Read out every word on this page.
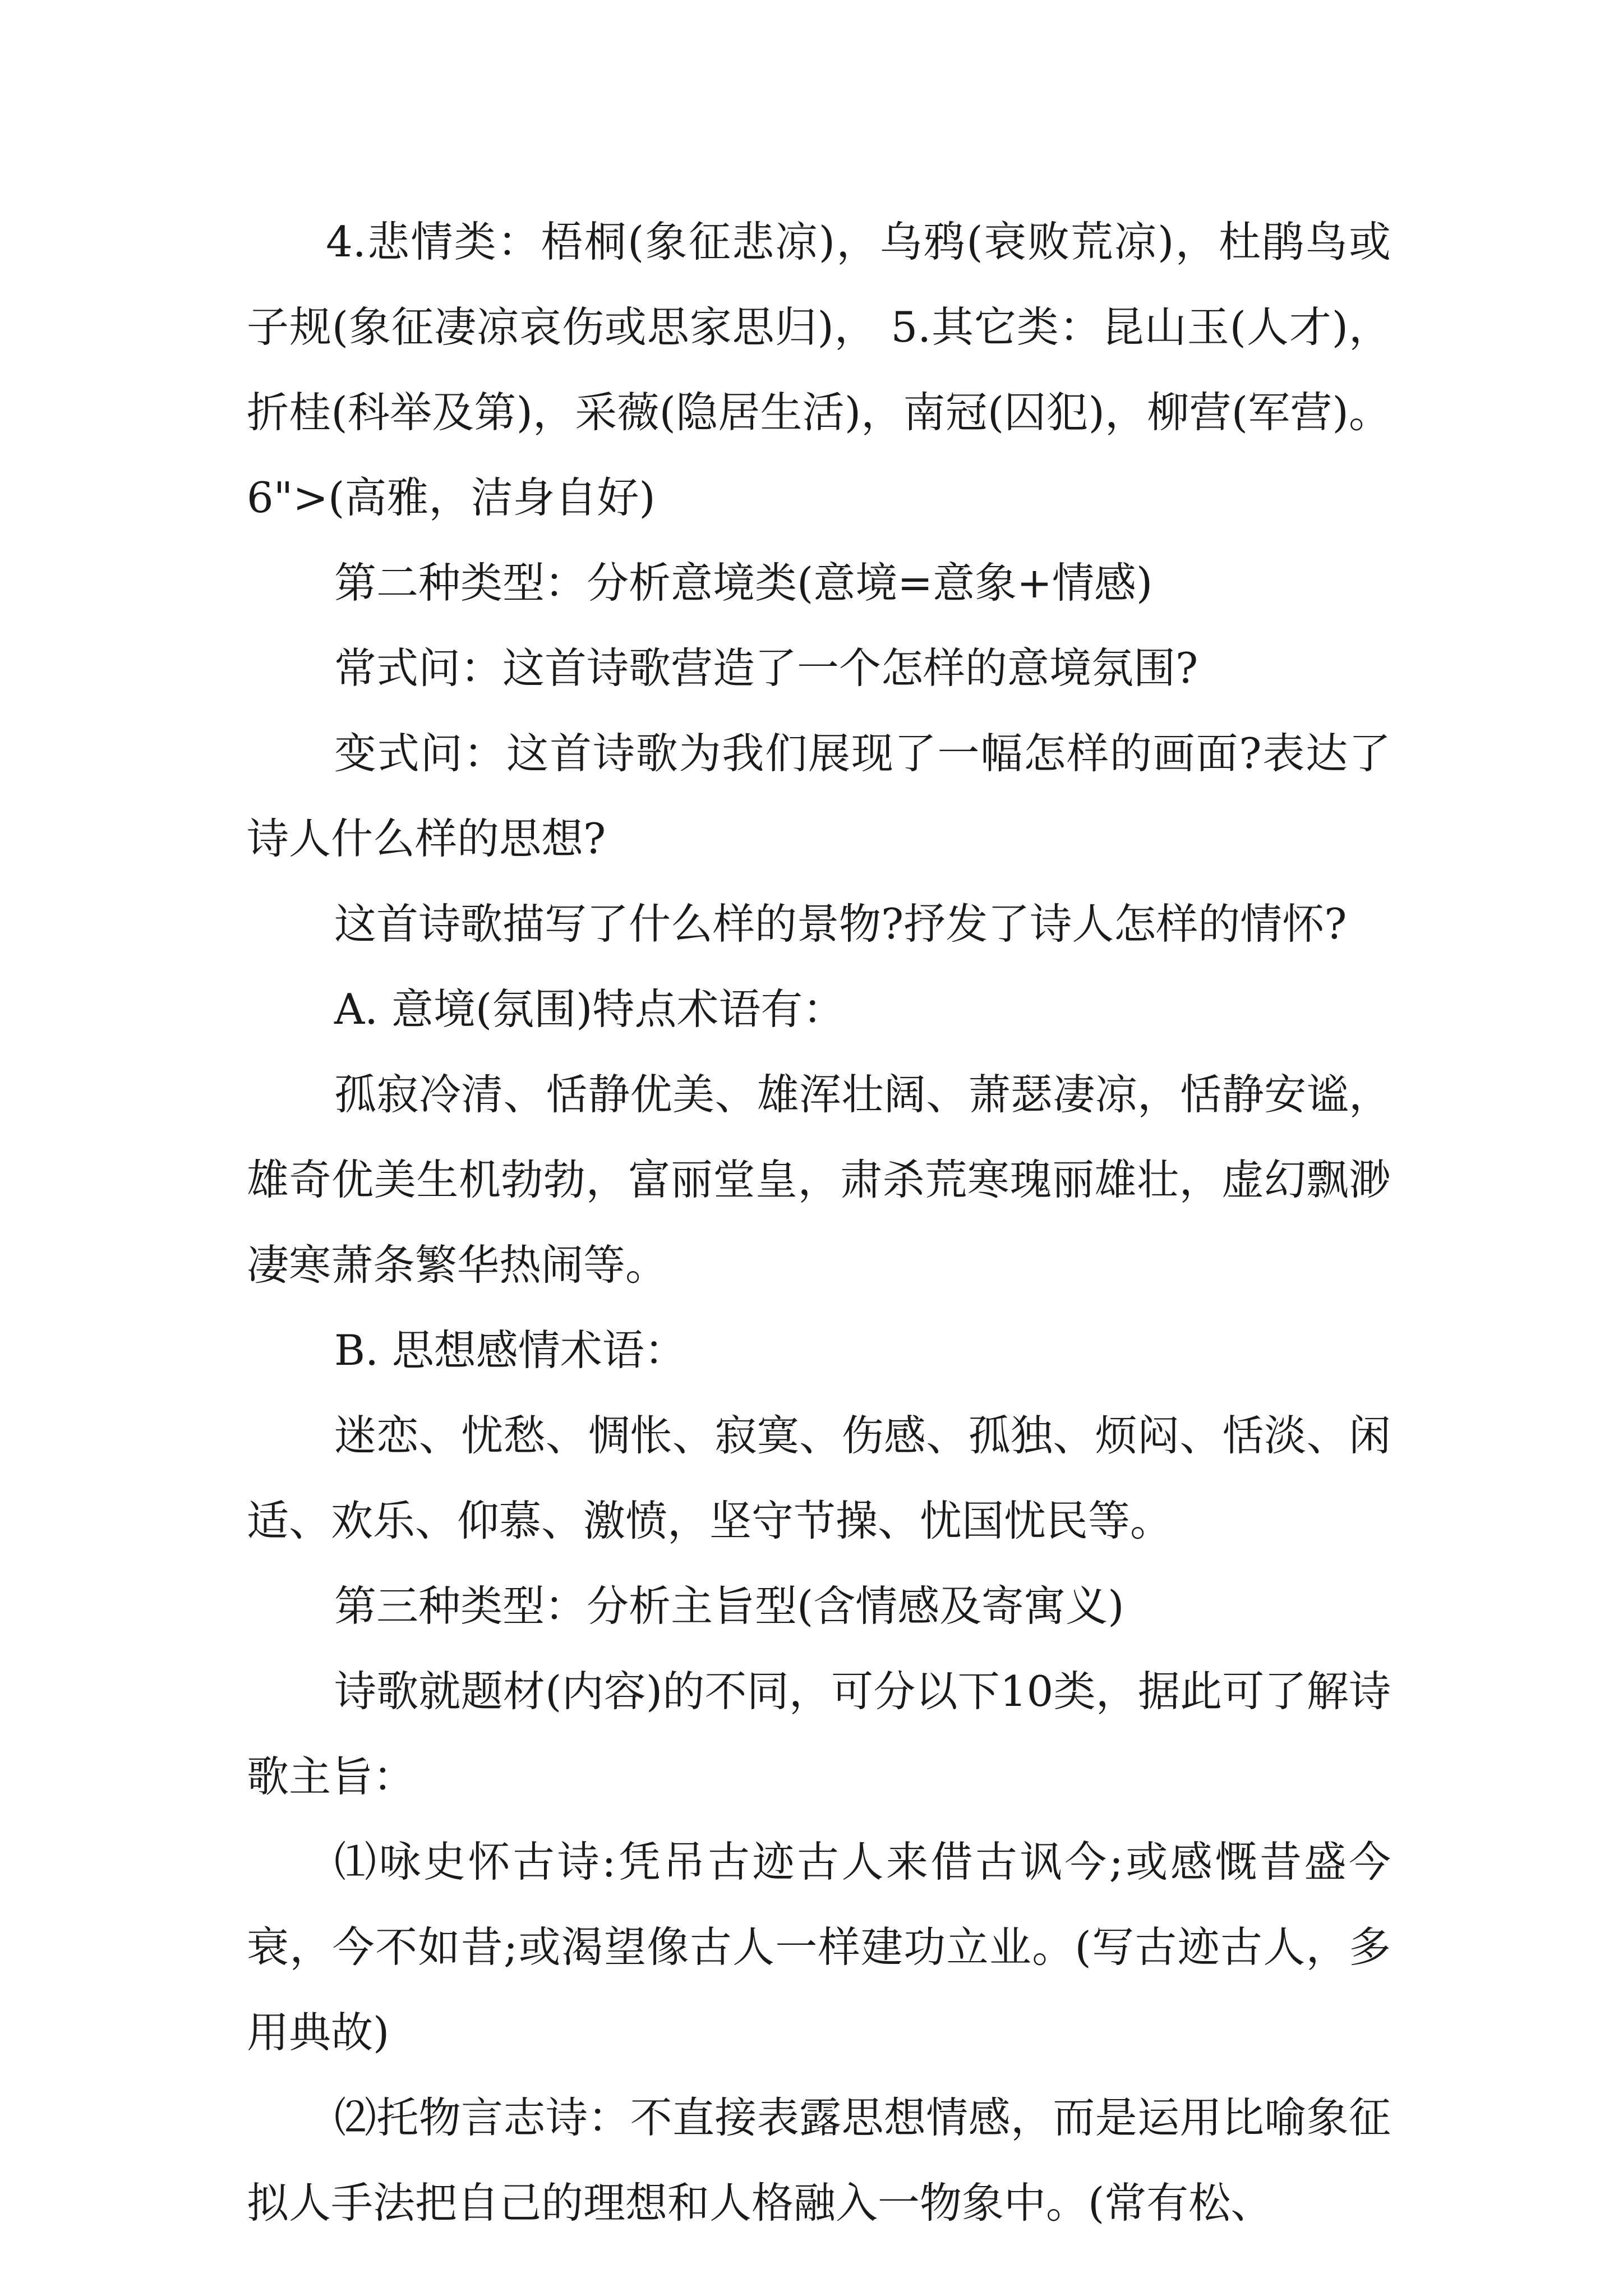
4.悲情类：梧桐(象征悲凉)，乌鸦(衰败荒凉)，杜鹃鸟或子规(象征凄凉哀伤或思家思归)， 5.其它类：昆山玉(人才)，折桂(科举及第)，采薇(隐居生活)，南冠(囚犯)，柳营(军营)。6">(高雅，洁身自好)

第二种类型：分析意境类(意境=意象+情感)

常式问：这首诗歌营造了一个怎样的意境氛围?

变式问：这首诗歌为我们展现了一幅怎样的画面?表达了诗人什么样的思想?

这首诗歌描写了什么样的景物?抒发了诗人怎样的情怀?

A. 意境(氛围)特点术语有：

孤寂冷清、恬静优美、雄浑壮阔、萧瑟凄凉，恬静安谧，雄奇优美生机勃勃，富丽堂皇，肃杀荒寒瑰丽雄壮，虚幻飘渺凄寒萧条繁华热闹等。

B. 思想感情术语：

迷恋、忧愁、惆怅、寂寞、伤感、孤独、烦闷、恬淡、闲适、欢乐、仰慕、激愤，坚守节操、忧国忧民等。

第三种类型：分析主旨型(含情感及寄寓义)

诗歌就题材(内容)的不同，可分以下10类，据此可了解诗歌主旨：

⑴咏史怀古诗:凭吊古迹古人来借古讽今;或感慨昔盛今衰，今不如昔;或渴望像古人一样建功立业。(写古迹古人，多用典故)

⑵托物言志诗：不直接表露思想情感，而是运用比喻象征拟人手法把自己的理想和人格融入一物象中。(常有松、
